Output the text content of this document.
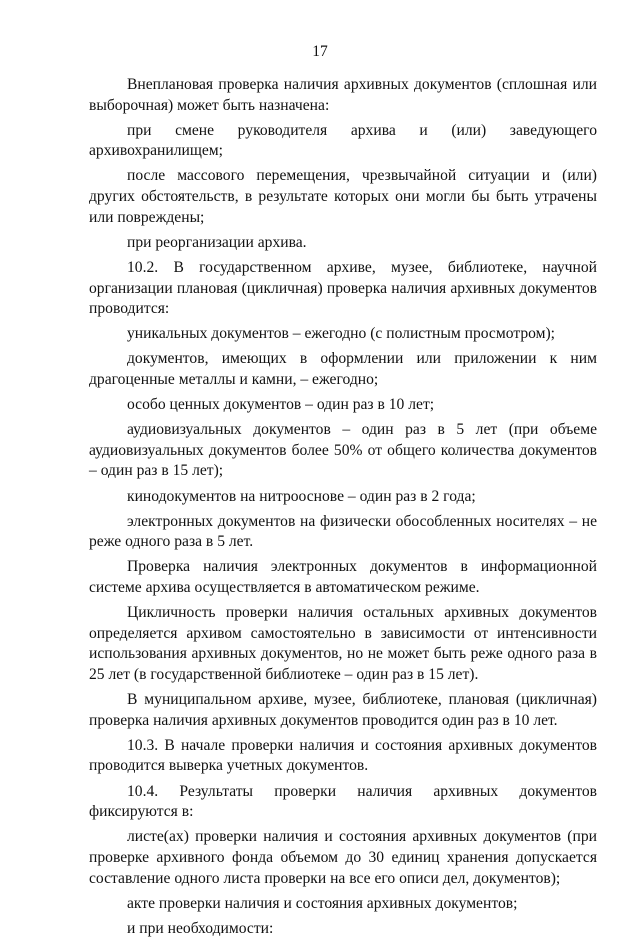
17

Внеплановая проверка наличия архивных документов (сплошная или выборочная) может быть назначена:

при смене руководителя архива и (или) заведующего архивохранилищем;

после массового перемещения, чрезвычайной ситуации и (или) других обстоятельств, в результате которых они могли бы быть утрачены или повреждены;

при реорганизации архива.

10.2. В государственном архиве, музее, библиотеке, научной организации плановая (цикличная) проверка наличия архивных документов проводится:

уникальных документов – ежегодно (с полистным просмотром);

документов, имеющих в оформлении или приложении к ним драгоценные металлы и камни, – ежегодно;

особо ценных документов – один раз в 10 лет;

аудиовизуальных документов – один раз в 5 лет (при объеме аудиовизуальных документов более 50% от общего количества документов – один раз в 15 лет);

кинодокументов на нитрооснове – один раз в 2 года;

электронных документов на физически обособленных носителях – не реже одного раза в 5 лет.

Проверка наличия электронных документов в информационной системе архива осуществляется в автоматическом режиме.

Цикличность проверки наличия остальных архивных документов определяется архивом самостоятельно в зависимости от интенсивности использования архивных документов, но не может быть реже одного раза в 25 лет (в государственной библиотеке – один раз в 15 лет).

В муниципальном архиве, музее, библиотеке, плановая (цикличная) проверка наличия архивных документов проводится один раз в 10 лет.

10.3. В начале проверки наличия и состояния архивных документов проводится выверка учетных документов.

10.4. Результаты проверки наличия архивных документов фиксируются в:

листе(ах) проверки наличия и состояния архивных документов (при проверке архивного фонда объемом до 30 единиц хранения допускается составление одного листа проверки на все его описи дел, документов);

акте проверки наличия и состояния архивных документов;

и при необходимости:
